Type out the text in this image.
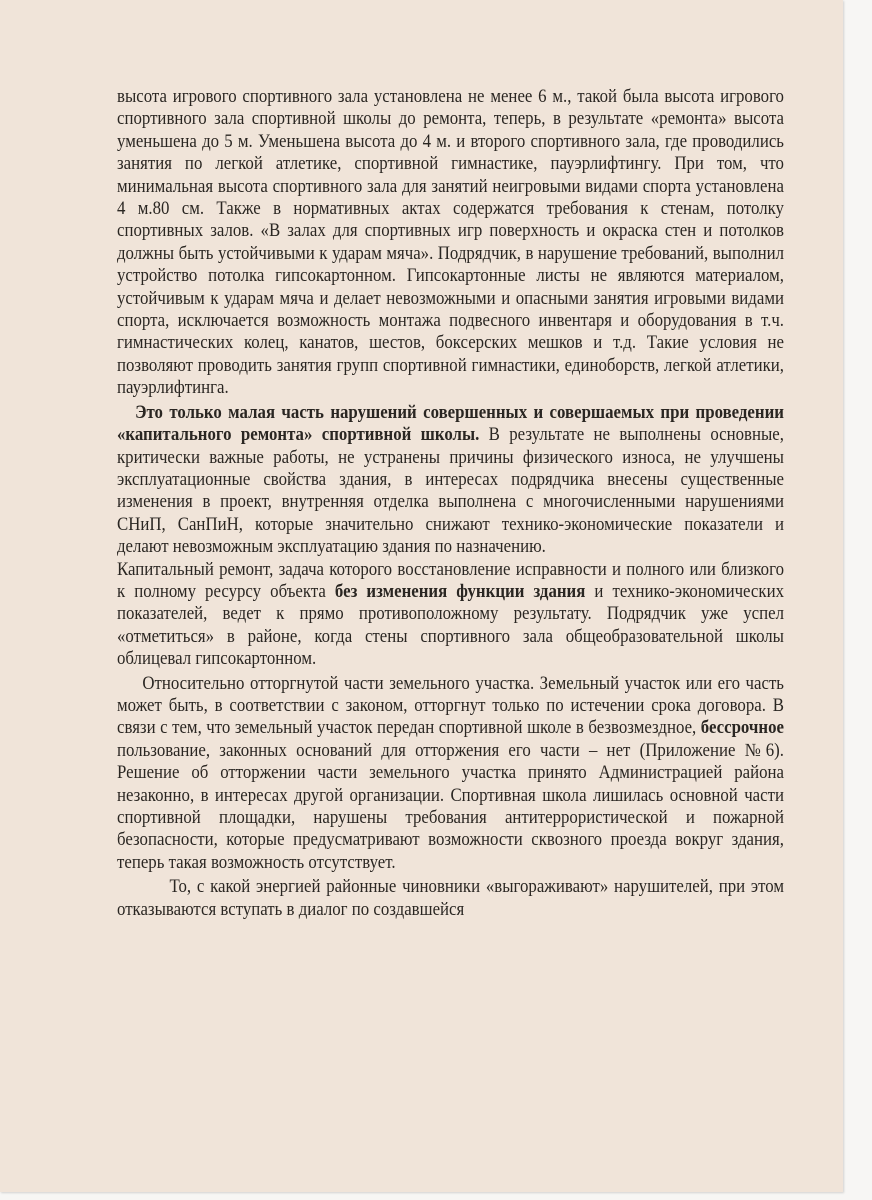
высота игрового спортивного зала установлена не менее 6 м., такой была высота игрового спортивного зала спортивной школы до ремонта, теперь, в результате «ремонта» высота уменьшена до 5 м. Уменьшена высота до 4 м. и второго спортивного зала, где проводились занятия по легкой атлетике, спортивной гимнастике, пауэрлифтингу. При том, что минимальная высота спортивного зала для занятий неигровыми видами спорта установлена 4 м.80 см. Также в нормативных актах содержатся требования к стенам, потолку спортивных залов. «В залах для спортивных игр поверхность и окраска стен и потолков должны быть устойчивыми к ударам мяча». Подрядчик, в нарушение требований, выполнил устройство потолка гипсокартонном. Гипсокартонные листы не являются материалом, устойчивым к ударам мяча и делает невозможными и опасными занятия игровыми видами спорта, исключается возможность монтажа подвесного инвентаря и оборудования в т.ч. гимнастических колец, канатов, шестов, боксерских мешков и т.д. Такие условия не позволяют проводить занятия групп спортивной гимнастики, единоборств, легкой атлетики, пауэрлифтинга.

Это только малая часть нарушений совершенных и совершаемых при проведении «капитального ремонта» спортивной школы. В результате не выполнены основные, критически важные работы, не устранены причины физического износа, не улучшены эксплуатационные свойства здания, в интересах подрядчика внесены существенные изменения в проект, внутренняя отделка выполнена с многочисленными нарушениями СНиП, СанПиН, которые значительно снижают технико-экономические показатели и делают невозможным эксплуатацию здания по назначению.

Капитальный ремонт, задача которого восстановление исправности и полного или близкого к полному ресурсу объекта без изменения функции здания и технико-экономических показателей, ведет к прямо противоположному результату. Подрядчик уже успел «отметиться» в районе, когда стены спортивного зала общеобразовательной школы облицевал гипсокартонном.

Относительно отторгнутой части земельного участка. Земельный участок или его часть может быть, в соответствии с законом, отторгнут только по истечении срока договора. В связи с тем, что земельный участок передан спортивной школе в безвозмездное, бессрочное пользование, законных оснований для отторжения его части – нет (Приложение №6). Решение об отторжении части земельного участка принято Администрацией района незаконно, в интересах другой организации. Спортивная школа лишилась основной части спортивной площадки, нарушены требования антитеррористической и пожарной безопасности, которые предусматривают возможности сквозного проезда вокруг здания, теперь такая возможность отсутствует.

То, с какой энергией районные чиновники «выгораживают» нарушителей, при этом отказываются вступать в диалог по создавшейся
